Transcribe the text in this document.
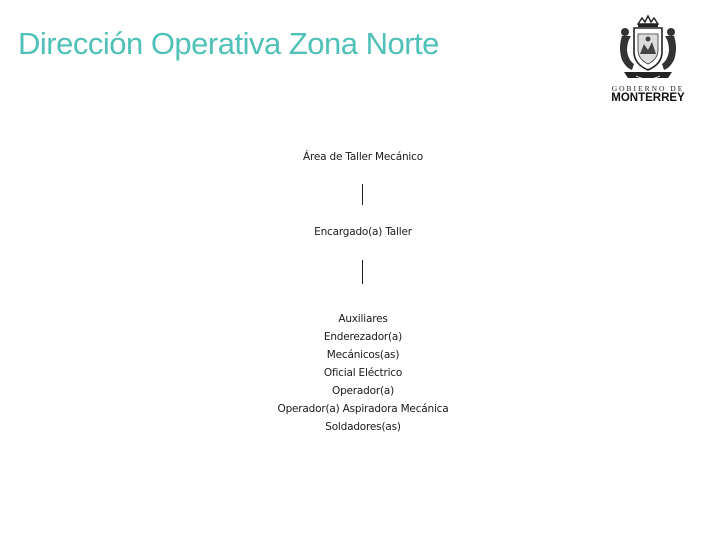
Dirección Operativa Zona Norte
GOBIERNO DE
MONTERREY
Área de Taller Mecánico
Encargado(a) Taller
Auxiliares
Enderezador(a)
Mecánicos(as)
Oficial Eléctrico
Operador(a)
Operador(a) Aspiradora Mecánica
Soldadores(as)
